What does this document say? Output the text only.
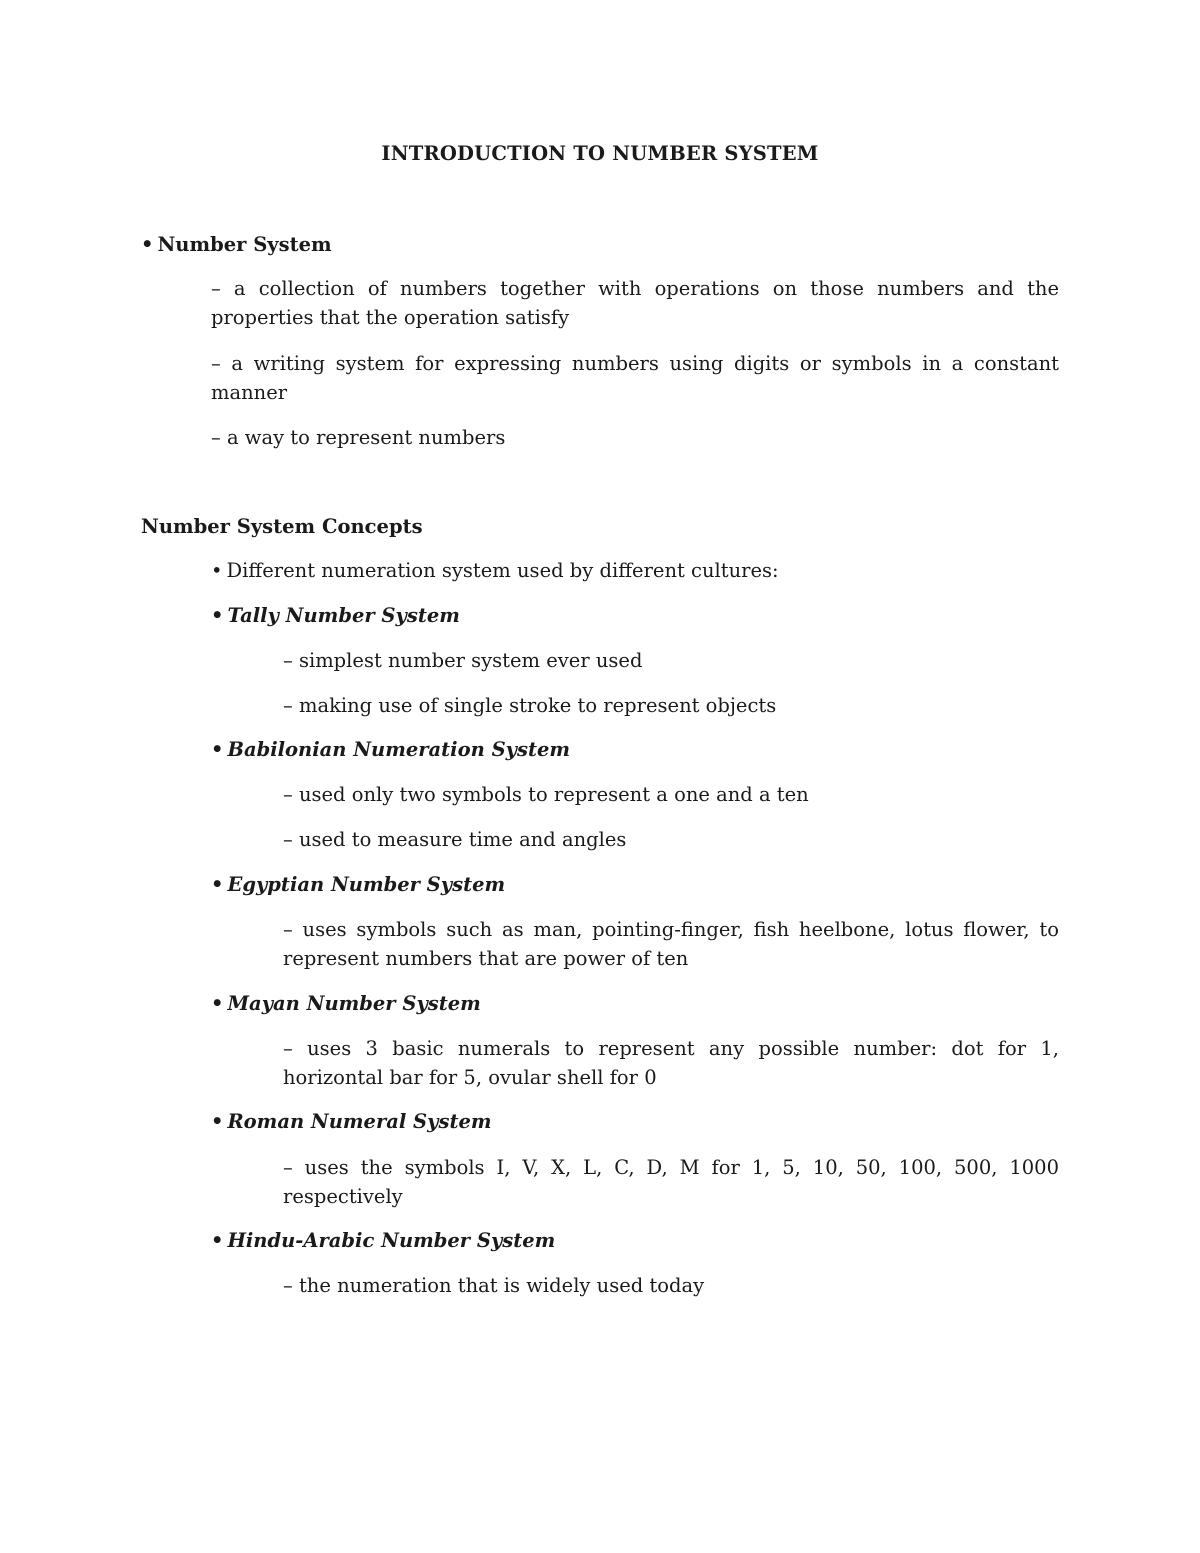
INTRODUCTION TO NUMBER SYSTEM
• Number System
– a collection of numbers together with operations on those numbers and the properties that the operation satisfy
– a writing system for expressing numbers using digits or symbols in a constant manner
– a way to represent numbers
Number System Concepts
• Different numeration system used by different cultures:
• Tally Number System
– simplest number system ever used
– making use of single stroke to represent objects
• Babilonian Numeration System
– used only two symbols to represent a one and a ten
– used to measure time and angles
• Egyptian Number System
– uses symbols such as man, pointing-finger, fish heelbone, lotus flower, to represent numbers that are power of ten
• Mayan Number System
– uses 3 basic numerals to represent any possible number: dot for 1, horizontal bar for 5, ovular shell for 0
• Roman Numeral System
– uses the symbols I, V, X, L, C, D, M for 1, 5, 10, 50, 100, 500, 1000 respectively
• Hindu-Arabic Number System
– the numeration that is widely used today
